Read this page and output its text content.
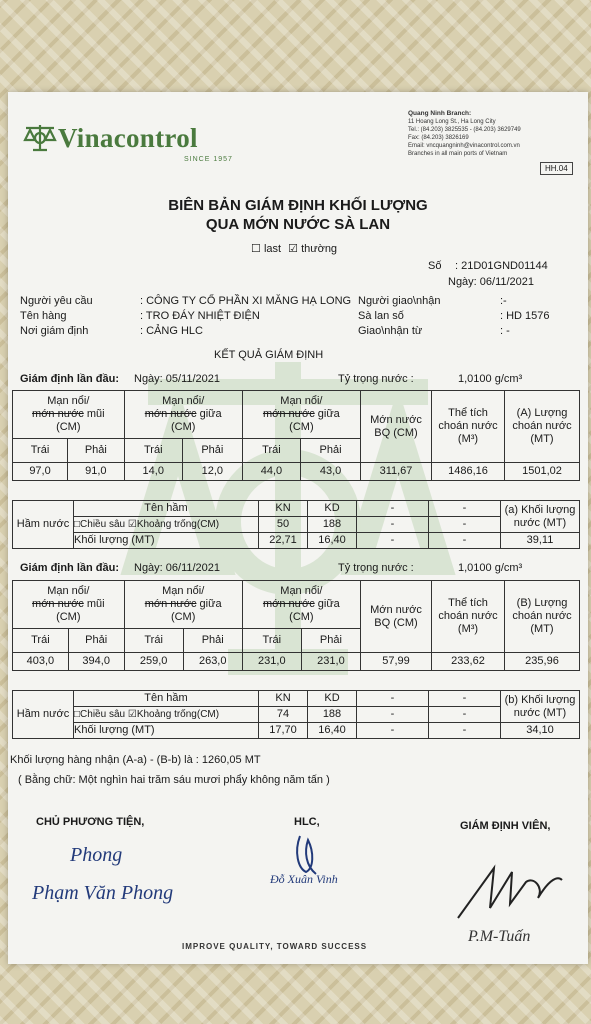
Vinacontrol
SINCE 1957
Quang Ninh Branch:
11 Hoang Long St., Ha Long City
Tel.: (84.203) 3825535 - (84.203) 3629749
Fax: (84.203) 3826169
Email: vncquangninh@vinacontrol.com.vn
Branches in all main ports of Vietnam
HH.04
BIÊN BẢN GIÁM ĐỊNH KHỐI LƯỢNG
QUA MỚN NƯỚC SÀ LAN
☐ last ☑ thường
Số : 21D01GND01144
Ngày: 06/11/2021
Người yêu cầu	: CÔNG TY CỔ PHẦN XI MĂNG HẠ LONG Người giao\nhận	:-
Tên hàng	: TRO ĐÁY NHIỆT ĐIỆN	Sà lan số	: HD 1576
Nơi giám định	: CẢNG HLC	Giao\nhận từ	: -
KẾT QUẢ GIÁM ĐỊNH
Giám định lần đầu: Ngày: 05/11/2021	Tỷ trọng nước :	1,0100 g/cm³
Mạn nổi/
mớn nước mũi
(CM)		Mạn nổi/
mớn nước giữa
(CM)		Mạn nổi/
mớn nước giữa
(CM)		Mớn nước BQ (CM)	Thể tích choán nước (M³)	(A) Lượng choán nước (MT)
Trái	Phải	Trái	Phải	Trái	Phải			
97,0	91,0	14,0	12,0	44,0	43,0	311,67	1486,16	1501,02
Hầm nước	Tên hầm	KN	KD	-	-	(a) Khối lượng nước (MT)
	□Chiều sâu ☑Khoảng trống(CM)	50	188	-	-	
	Khối lượng (MT)	22,71	16,40	-	-	39,11
Giám định lần đầu: Ngày: 06/11/2021	Tỷ trọng nước :	1,0100 g/cm³
Mạn nổi/
mớn nước mũi
(CM)		Mạn nổi/
mớn nước giữa
(CM)		Mạn nổi/
mớn nước giữa
(CM)		Mớn nước BQ (CM)	Thể tích choán nước (M³)	(B) Lượng choán nước (MT)
Trái	Phải	Trái	Phải	Trái	Phải			
403,0	394,0	259,0	263,0	231,0	231,0	57,99	233,62	235,96
Hầm nước	Tên hầm	KN	KD	-	-	(b) Khối lượng nước (MT)
	□Chiều sâu ☑Khoảng trống(CM)	74	188	-	-	
	Khối lượng (MT)	17,70	16,40	-	-	34,10
Khối lượng hàng nhận (A-a) - (B-b) là : 1260,05 MT
( Bằng chữ: Một nghìn hai trăm sáu mươi phẩy không năm tấn )
CHỦ PHƯƠNG TIỆN,	HLC,	GIÁM ĐỊNH VIÊN,
Phong
Phạm Văn Phong
Đỗ Xuân Vinh
P.M-Tuấn
IMPROVE QUALITY, TOWARD SUCCESS
